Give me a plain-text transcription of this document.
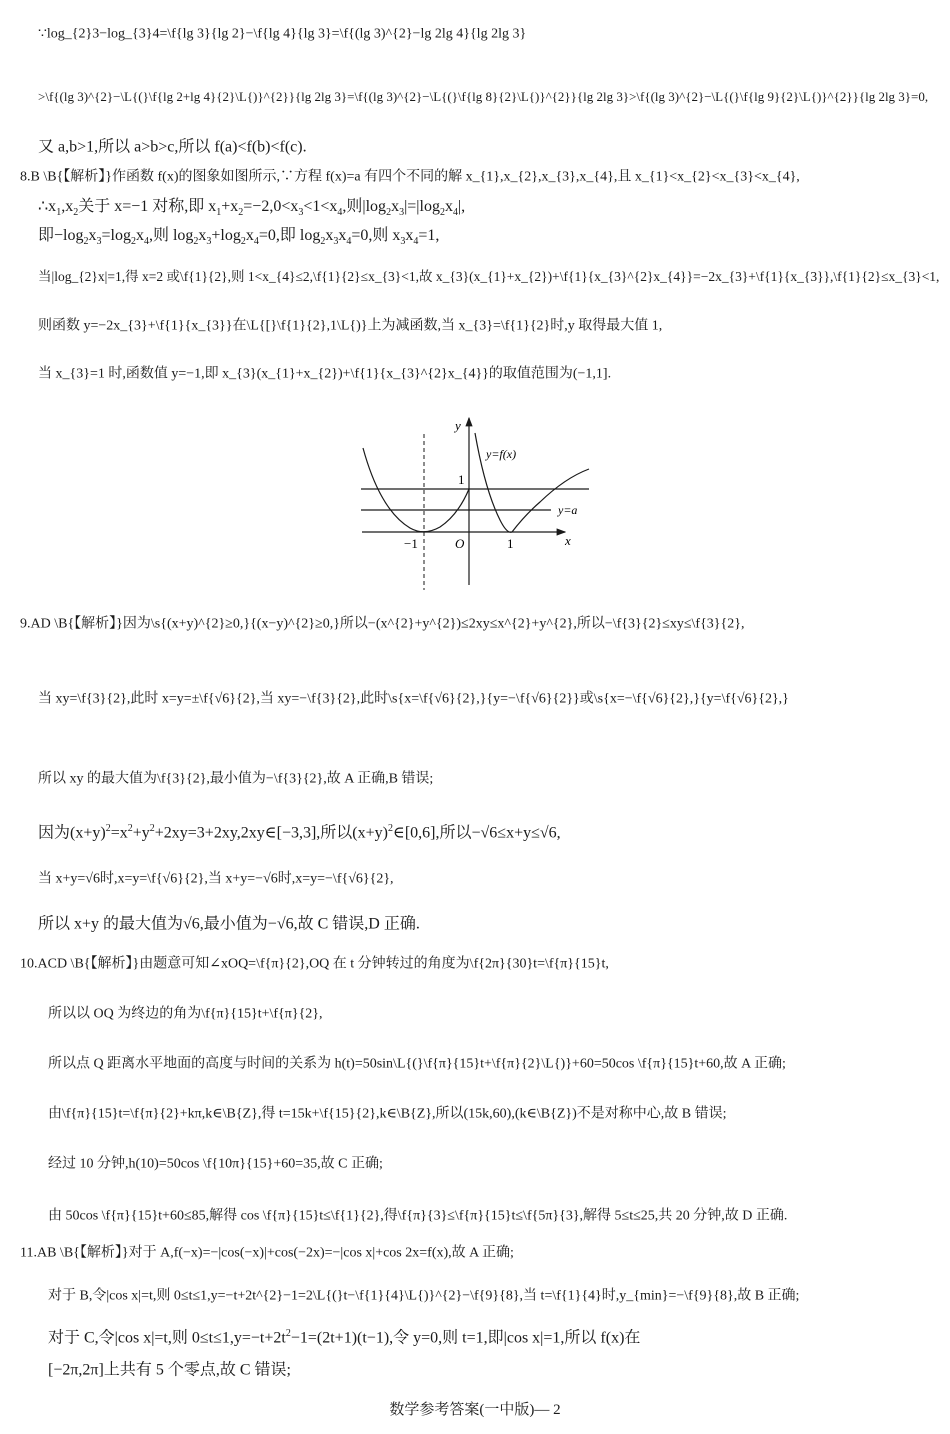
∵log_{2}3−log_{3}4=\f{lg 3}{lg 2}−\f{lg 4}{lg 3}=\f{(lg 3)^{2}−lg 2lg 4}{lg 2lg 3}
>\f{(lg 3)^{2}−\L{(}\f{lg 2+lg 4}{2}\L{)}^{2}}{lg 2lg 3}=\f{(lg 3)^{2}−\L{(}\f{lg 8}{2}\L{)}^{2}}{lg 2lg 3}>\f{(lg 3)^{2}−\L{(}\f{lg 9}{2}\L{)}^{2}}{lg 2lg 3}=0,
又 a,b>1,所以 a>b>c,所以 f(a)<f(b)<f(c).
8.B \B{【解析】}作函数 f(x)的图象如图所示,∵方程 f(x)=a 有四个不同的解 x_{1},x_{2},x_{3},x_{4},且 x_{1}<x_{2}<x_{3}<x_{4},
$\therefore x_1,x_2$关于 x=−1 对称,即 $x_1+x_2=-2,0<x_3<1<x_4$,则$|\log_2x_3|=|\log_2x_4|$,
即$-\log_2x_3=\log_2x_4$,则 $\log_2x_3+\log_2x_4=0$,即 $\log_2x_3x_4=0$,则 $x_3x_4=1$,
当|log_{2}x|=1,得 x=2 或\f{1}{2},则 1<x_{4}≤2,\f{1}{2}≤x_{3}<1,故 x_{3}(x_{1}+x_{2})+\f{1}{x_{3}^{2}x_{4}}=−2x_{3}+\f{1}{x_{3}},\f{1}{2}≤x_{3}<1,
则函数 y=−2x_{3}+\f{1}{x_{3}}在\L{[}\f{1}{2},1\L{)}上为减函数,当 x_{3}=\f{1}{2}时,y 取得最大值 1,
当 x_{3}=1 时,函数值 y=−1,即 x_{3}(x_{1}+x_{2})+\f{1}{x_{3}^{2}x_{4}}的取值范围为(−1,1].
9.AD \B{【解析】}因为\s{(x+y)^{2}≥0,}{(x−y)^{2}≥0,}所以−(x^{2}+y^{2})≤2xy≤x^{2}+y^{2},所以−\f{3}{2}≤xy≤\f{3}{2},
当 xy=\f{3}{2},此时 x=y=±\f{√6}{2},当 xy=−\f{3}{2},此时\s{x=\f{√6}{2},}{y=−\f{√6}{2}}或\s{x=−\f{√6}{2},}{y=\f{√6}{2},}
所以 xy 的最大值为\f{3}{2},最小值为−\f{3}{2},故 A 正确,B 错误;
因为$(x+y)^2=x^2+y^2+2xy=3+2xy,2xy\in[-3,3]$,所以$(x+y)^2\in[0,6]$,所以−√6≤x+y≤√6,
当 x+y=√6时,x=y=\f{√6}{2},当 x+y=−√6时,x=y=−\f{√6}{2},
所以 x+y 的最大值为√6,最小值为−√6,故 C 错误,D 正确.
10.ACD \B{【解析】}由题意可知∠xOQ=\f{π}{2},OQ 在 t 分钟转过的角度为\f{2π}{30}t=\f{π}{15}t,
所以以 OQ 为终边的角为\f{π}{15}t+\f{π}{2},
所以点 Q 距离水平地面的高度与时间的关系为 h(t)=50sin\L{(}\f{π}{15}t+\f{π}{2}\L{)}+60=50cos \f{π}{15}t+60,故 A 正确;
由\f{π}{15}t=\f{π}{2}+kπ,k∈\B{Z},得 t=15k+\f{15}{2},k∈\B{Z},所以(15k,60),(k∈\B{Z})不是对称中心,故 B 错误;
经过 10 分钟,h(10)=50cos \f{10π}{15}+60=35,故 C 正确;
由 50cos \f{π}{15}t+60≤85,解得 cos \f{π}{15}t≤\f{1}{2},得\f{π}{3}≤\f{π}{15}t≤\f{5π}{3},解得 5≤t≤25,共 20 分钟,故 D 正确.
11.AB \B{【解析】}对于 A,f(−x)=−|cos(−x)|+cos(−2x)=−|cos x|+cos 2x=f(x),故 A 正确;
对于 B,令|cos x|=t,则 0≤t≤1,y=−t+2t^{2}−1=2\L{(}t−\f{1}{4}\L{)}^{2}−\f{9}{8},当 t=\f{1}{4}时,y_{min}=−\f{9}{8},故 B 正确;
对于 C,令|cos x|=t,则 $0\le t\le 1,y=-t+2t^2-1=(2t+1)(t-1)$,令 y=0,则 t=1,即|cos x|=1,所以 f(x)在
[−2π,2π]上共有 5 个零点,故 C 错误;
y
x
y=f(x)
y=a
−1	O	1
1
数学参考答案(一中版)— 2
